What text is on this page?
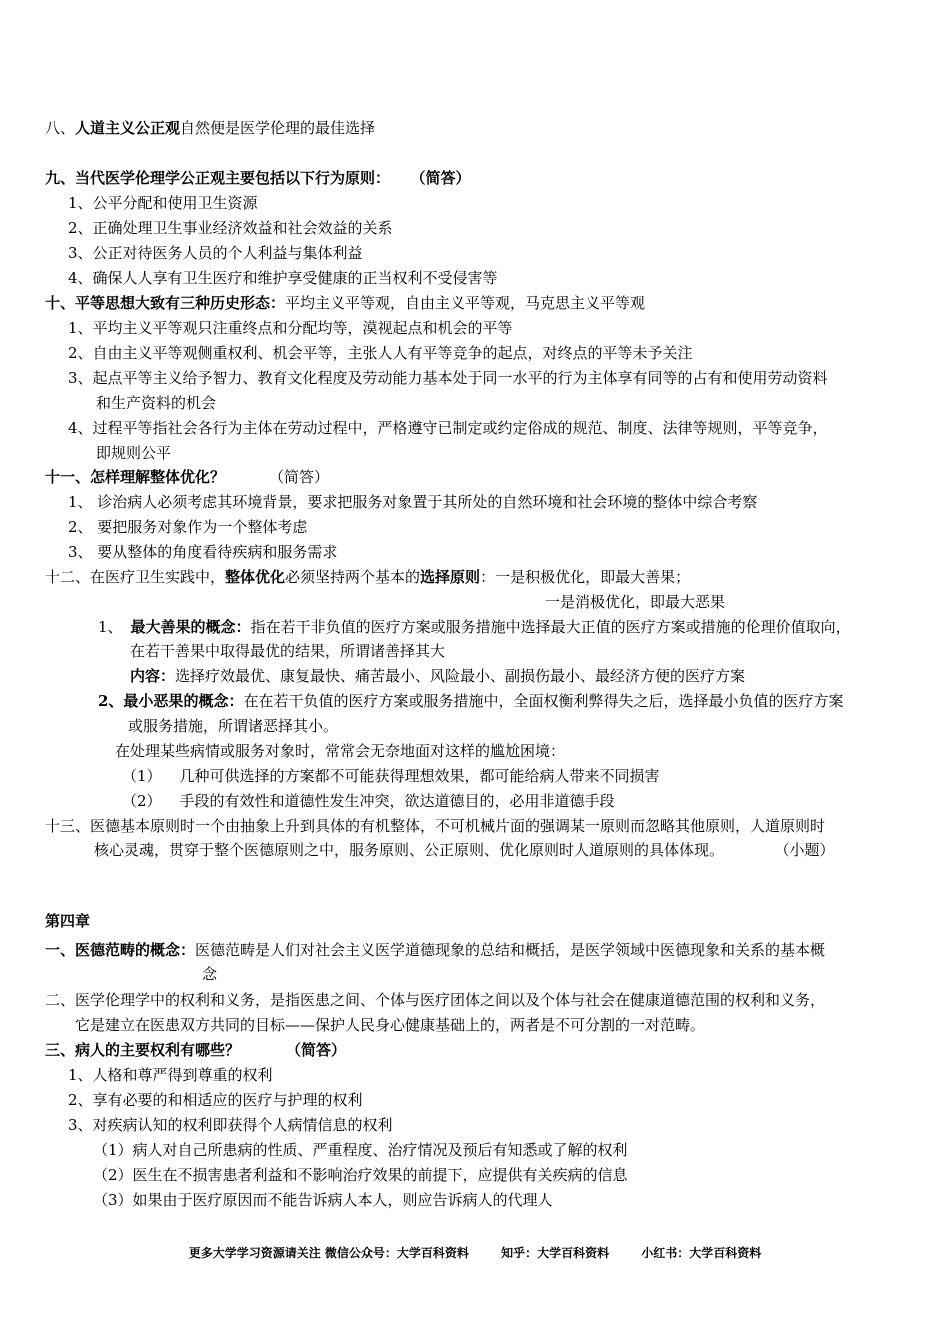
八、人道主义公正观自然便是医学伦理的最佳选择
九、当代医学伦理学公正观主要包括以下行为原则： （简答）
1、公平分配和使用卫生资源
2、正确处理卫生事业经济效益和社会效益的关系
3、公正对待医务人员的个人利益与集体利益
4、确保人人享有卫生医疗和维护享受健康的正当权利不受侵害等
十、平等思想大致有三种历史形态：平均主义平等观，自由主义平等观，马克思主义平等观
1、平均主义平等观只注重终点和分配均等，漠视起点和机会的平等
2、自由主义平等观侧重权利、机会平等，主张人人有平等竞争的起点，对终点的平等未予关注
3、起点平等主义给予智力、教育文化程度及劳动能力基本处于同一水平的行为主体享有同等的占有和使用劳动资料
和生产资料的机会
4、过程平等指社会各行为主体在劳动过程中，严格遵守已制定或约定俗成的规范、制度、法律等规则，平等竞争，
即规则公平
十一、怎样理解整体优化？	（简答）
1、 诊治病人必须考虑其环境背景，要求把服务对象置于其所处的自然环境和社会环境的整体中综合考察
2、 要把服务对象作为一个整体考虑
3、 要从整体的角度看待疾病和服务需求
十二、在医疗卫生实践中，整体优化必须坚持两个基本的选择原则：一是积极优化，即最大善果；
一是消极优化，即最大恶果
1、 最大善果的概念：指在若干非负值的医疗方案或服务措施中选择最大正值的医疗方案或措施的伦理价值取向，
在若干善果中取得最优的结果，所谓诸善择其大
内容：选择疗效最优、康复最快、痛苦最小、风险最小、副损伤最小、最经济方便的医疗方案
2、最小恶果的概念：在在若干负值的医疗方案或服务措施中，全面权衡利弊得失之后，选择最小负值的医疗方案
或服务措施，所谓诸恶择其小。
在处理某些病情或服务对象时，常常会无奈地面对这样的尴尬困境：
（1） 几种可供选择的方案都不可能获得理想效果，都可能给病人带来不同损害
（2） 手段的有效性和道德性发生冲突，欲达道德目的，必用非道德手段
十三、医德基本原则时一个由抽象上升到具体的有机整体，不可机械片面的强调某一原则而忽略其他原则，人道原则时
核心灵魂，贯穿于整个医德原则之中，服务原则、公正原则、优化原则时人道原则的具体体现。	（小题）
第四章
一、医德范畴的概念：医德范畴是人们对社会主义医学道德现象的总结和概括，是医学领域中医德现象和关系的基本概
念
二、医学伦理学中的权利和义务，是指医患之间、个体与医疗团体之间以及个体与社会在健康道德范围的权利和义务，
它是建立在医患双方共同的目标——保护人民身心健康基础上的，两者是不可分割的一对范畴。
三、病人的主要权利有哪些？	（简答）
1、人格和尊严得到尊重的权利
2、享有必要的和相适应的医疗与护理的权利
3、对疾病认知的权利即获得个人病情信息的权利
（1）病人对自己所患病的性质、严重程度、治疗情况及预后有知悉或了解的权利
（2）医生在不损害患者利益和不影响治疗效果的前提下，应提供有关疾病的信息
（3）如果由于医疗原因而不能告诉病人本人，则应告诉病人的代理人
更多大学学习资源请关注 微信公众号：大学百科资料	知乎：大学百科资料	小红书：大学百科资料
